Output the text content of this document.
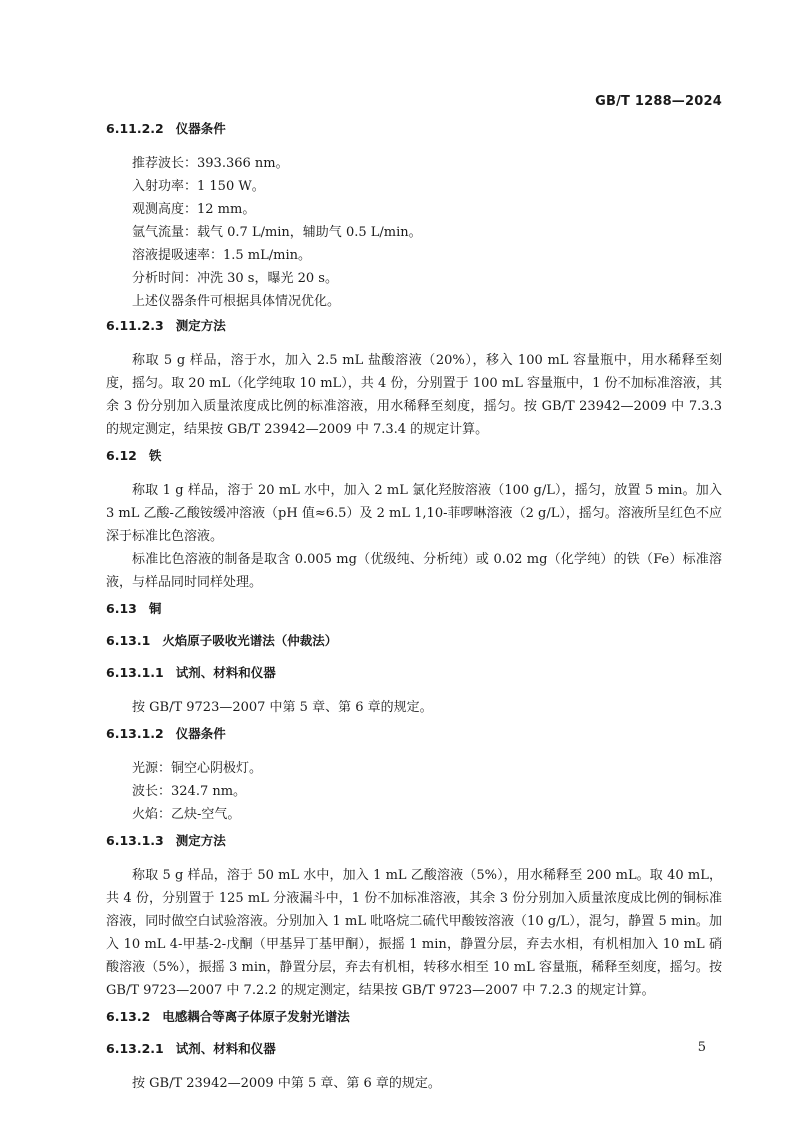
GB/T 1288—2024

6.11.2.2 仪器条件

推荐波长：393.366 nm。

入射功率：1 150 W。

观测高度：12 mm。

氩气流量：载气 0.7 L/min，辅助气 0.5 L/min。

溶液提吸速率：1.5 mL/min。

分析时间：冲洗 30 s，曝光 20 s。

上述仪器条件可根据具体情况优化。

6.11.2.3 测定方法

称取 5 g 样品，溶于水，加入 2.5 mL 盐酸溶液（20%），移入 100 mL 容量瓶中，用水稀释至刻度，摇匀。取 20 mL（化学纯取 10 mL），共 4 份，分别置于 100 mL 容量瓶中，1 份不加标准溶液，其余 3 份分别加入质量浓度成比例的标准溶液，用水稀释至刻度，摇匀。按 GB/T 23942—2009 中 7.3.3 的规定测定，结果按 GB/T 23942—2009 中 7.3.4 的规定计算。

6.12 铁

称取 1 g 样品，溶于 20 mL 水中，加入 2 mL 氯化羟胺溶液（100 g/L），摇匀，放置 5 min。加入 3 mL 乙酸-乙酸铵缓冲溶液（pH 值≈6.5）及 2 mL 1,10-菲啰啉溶液（2 g/L），摇匀。溶液所呈红色不应深于标准比色溶液。

标准比色溶液的制备是取含 0.005 mg（优级纯、分析纯）或 0.02 mg（化学纯）的铁（Fe）标准溶液，与样品同时同样处理。

6.13 铜

6.13.1 火焰原子吸收光谱法（仲裁法）

6.13.1.1 试剂、材料和仪器

按 GB/T 9723—2007 中第 5 章、第 6 章的规定。

6.13.1.2 仪器条件

光源：铜空心阴极灯。

波长：324.7 nm。

火焰：乙炔-空气。

6.13.1.3 测定方法

称取 5 g 样品，溶于 50 mL 水中，加入 1 mL 乙酸溶液（5%），用水稀释至 200 mL。取 40 mL，共 4 份，分别置于 125 mL 分液漏斗中，1 份不加标准溶液，其余 3 份分别加入质量浓度成比例的铜标准溶液，同时做空白试验溶液。分别加入 1 mL 吡咯烷二硫代甲酸铵溶液（10 g/L），混匀，静置 5 min。加入 10 mL 4-甲基-2-戊酮（甲基异丁基甲酮），振摇 1 min，静置分层，弃去水相，有机相加入 10 mL 硝酸溶液（5%），振摇 3 min，静置分层，弃去有机相，转移水相至 10 mL 容量瓶，稀释至刻度，摇匀。按 GB/T 9723—2007 中 7.2.2 的规定测定，结果按 GB/T 9723—2007 中 7.2.3 的规定计算。

6.13.2 电感耦合等离子体原子发射光谱法

6.13.2.1 试剂、材料和仪器

按 GB/T 23942—2009 中第 5 章、第 6 章的规定。

5
